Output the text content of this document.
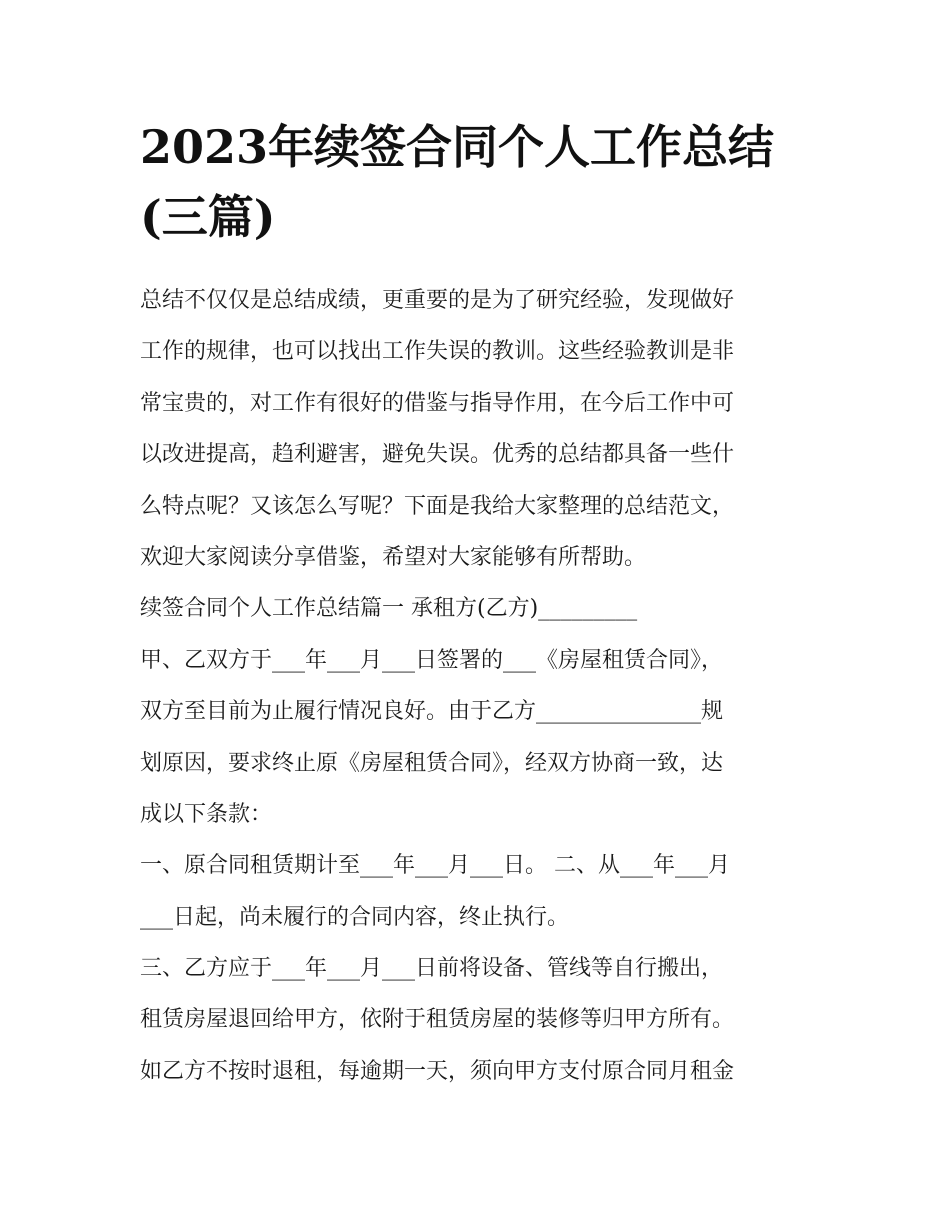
2023年续签合同个人工作总结
(三篇)
总结不仅仅是总结成绩，更重要的是为了研究经验，发现做好
工作的规律，也可以找出工作失误的教训。这些经验教训是非
常宝贵的，对工作有很好的借鉴与指导作用，在今后工作中可
以改进提高，趋利避害，避免失误。优秀的总结都具备一些什
么特点呢？又该怎么写呢？下面是我给大家整理的总结范文，
欢迎大家阅读分享借鉴，希望对大家能够有所帮助。
续签合同个人工作总结篇一 承租方(乙方)_________
甲、乙双方于___年___月___日签署的___《房屋租赁合同》，
双方至目前为止履行情况良好。由于乙方_______________规
划原因，要求终止原《房屋租赁合同》，经双方协商一致，达
成以下条款：
一、原合同租赁期计至___年___月___日。 二、从___年___月
___日起，尚未履行的合同内容，终止执行。
三、乙方应于___年___月___日前将设备、管线等自行搬出，
租赁房屋退回给甲方，依附于租赁房屋的装修等归甲方所有。
如乙方不按时退租，每逾期一天，须向甲方支付原合同月租金
